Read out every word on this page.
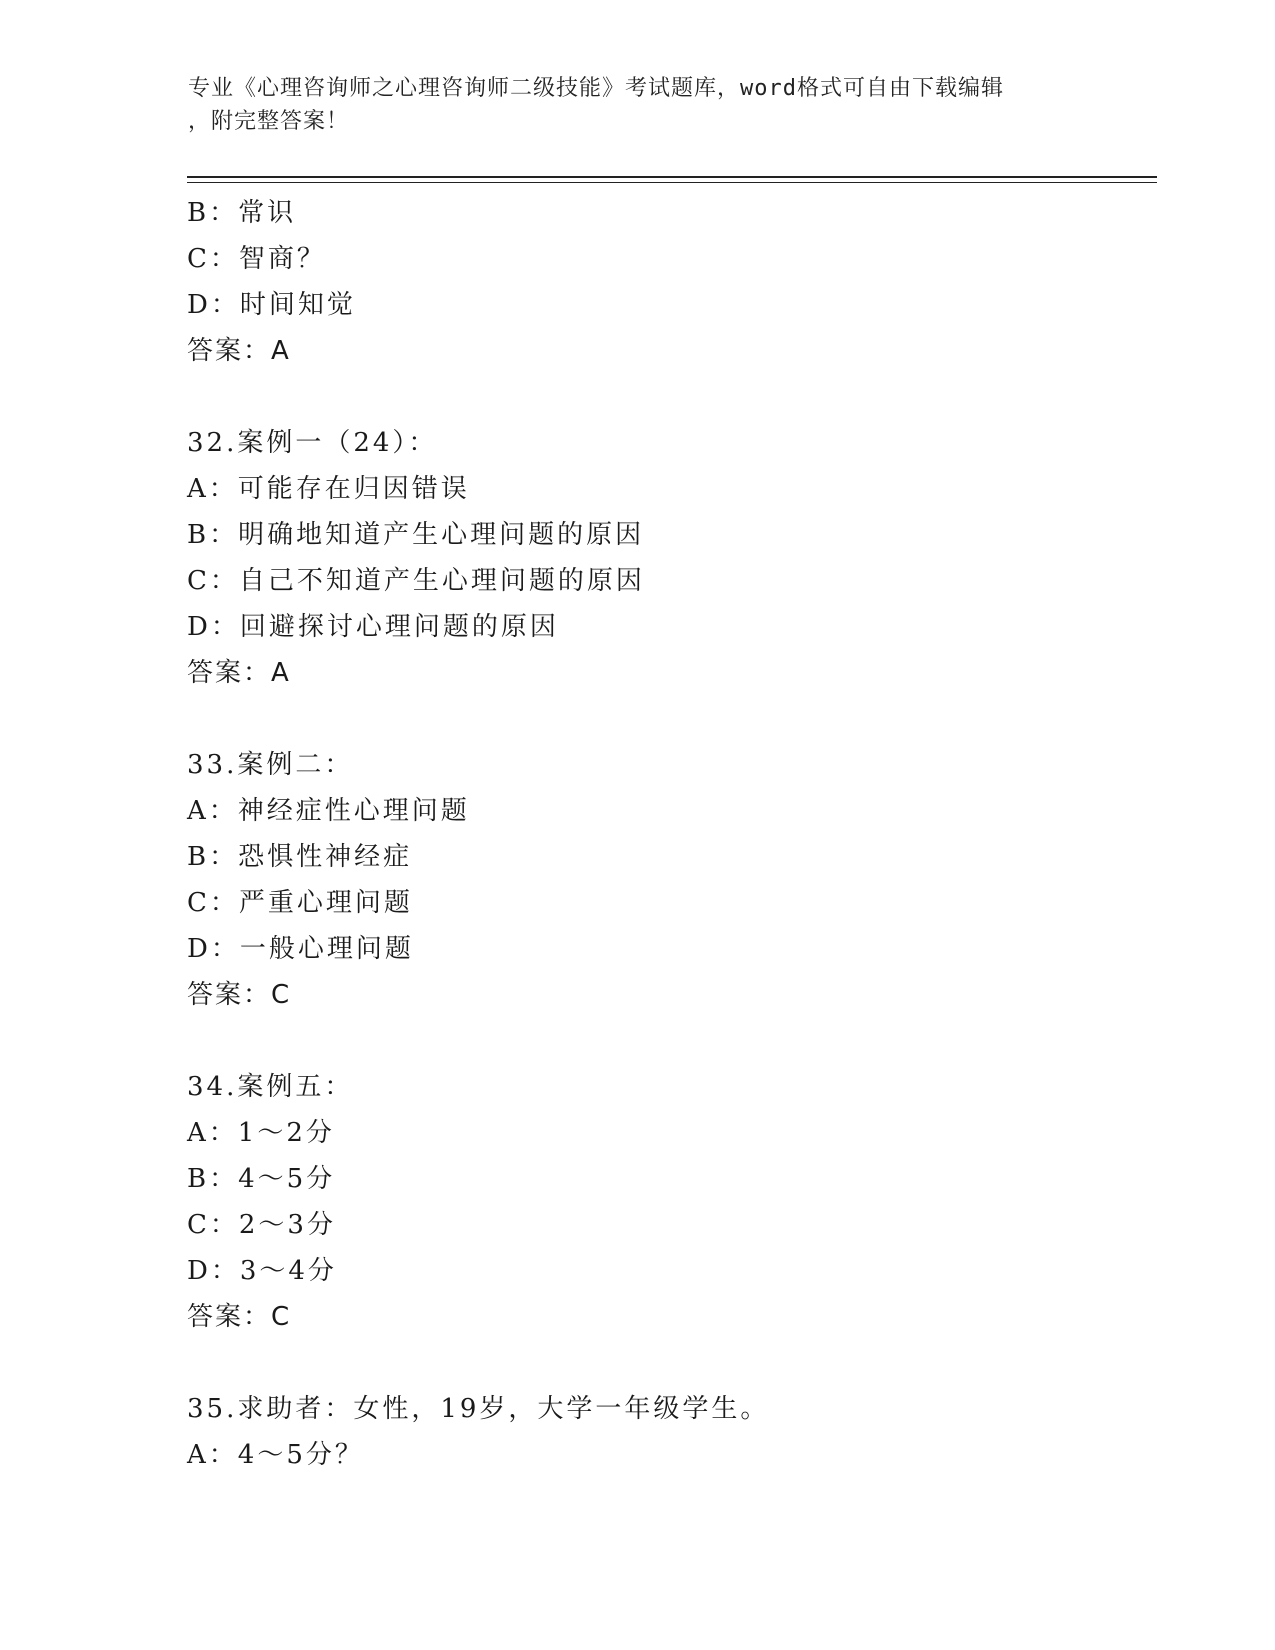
专业《心理咨询师之心理咨询师二级技能》考试题库，word格式可自由下载编辑
，附完整答案！
B：常识
C：智商？
D：时间知觉
答案：A
32.案例一（24）：
A：可能存在归因错误
B：明确地知道产生心理问题的原因
C：自己不知道产生心理问题的原因
D：回避探讨心理问题的原因
答案：A
33.案例二：
A：神经症性心理问题
B：恐惧性神经症
C：严重心理问题
D：一般心理问题
答案：C
34.案例五：
A：1～2分
B：4～5分
C：2～3分
D：3～4分
答案：C
35.求助者：女性，19岁，大学一年级学生。
A：4～5分？
